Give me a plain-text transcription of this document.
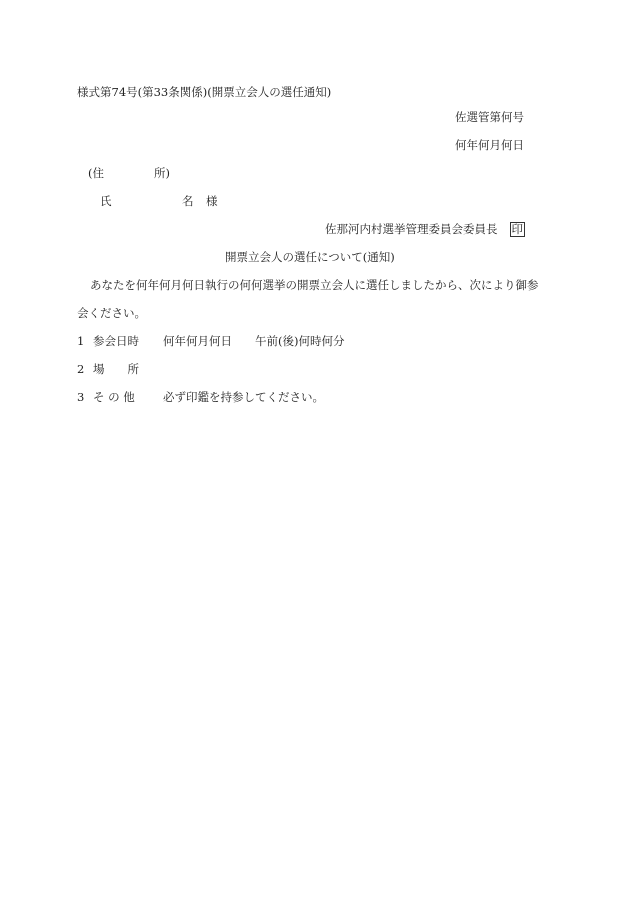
様式第74号(第33条関係)(開票立会人の選任通知)
佐選管第何号
何年何月何日
(住	所)
氏	名 様
佐那河内村選挙管理委員会委員長 印
開票立会人の選任について(通知)
あなたを何年何月何日執行の何何選挙の開票立会人に選任しましたから、次により御参
会ください。
1 参会日時 何年何月何日　　午前(後)何時何分
2 場　　所
3 そ の 他 必ず印鑑を持参してください。
